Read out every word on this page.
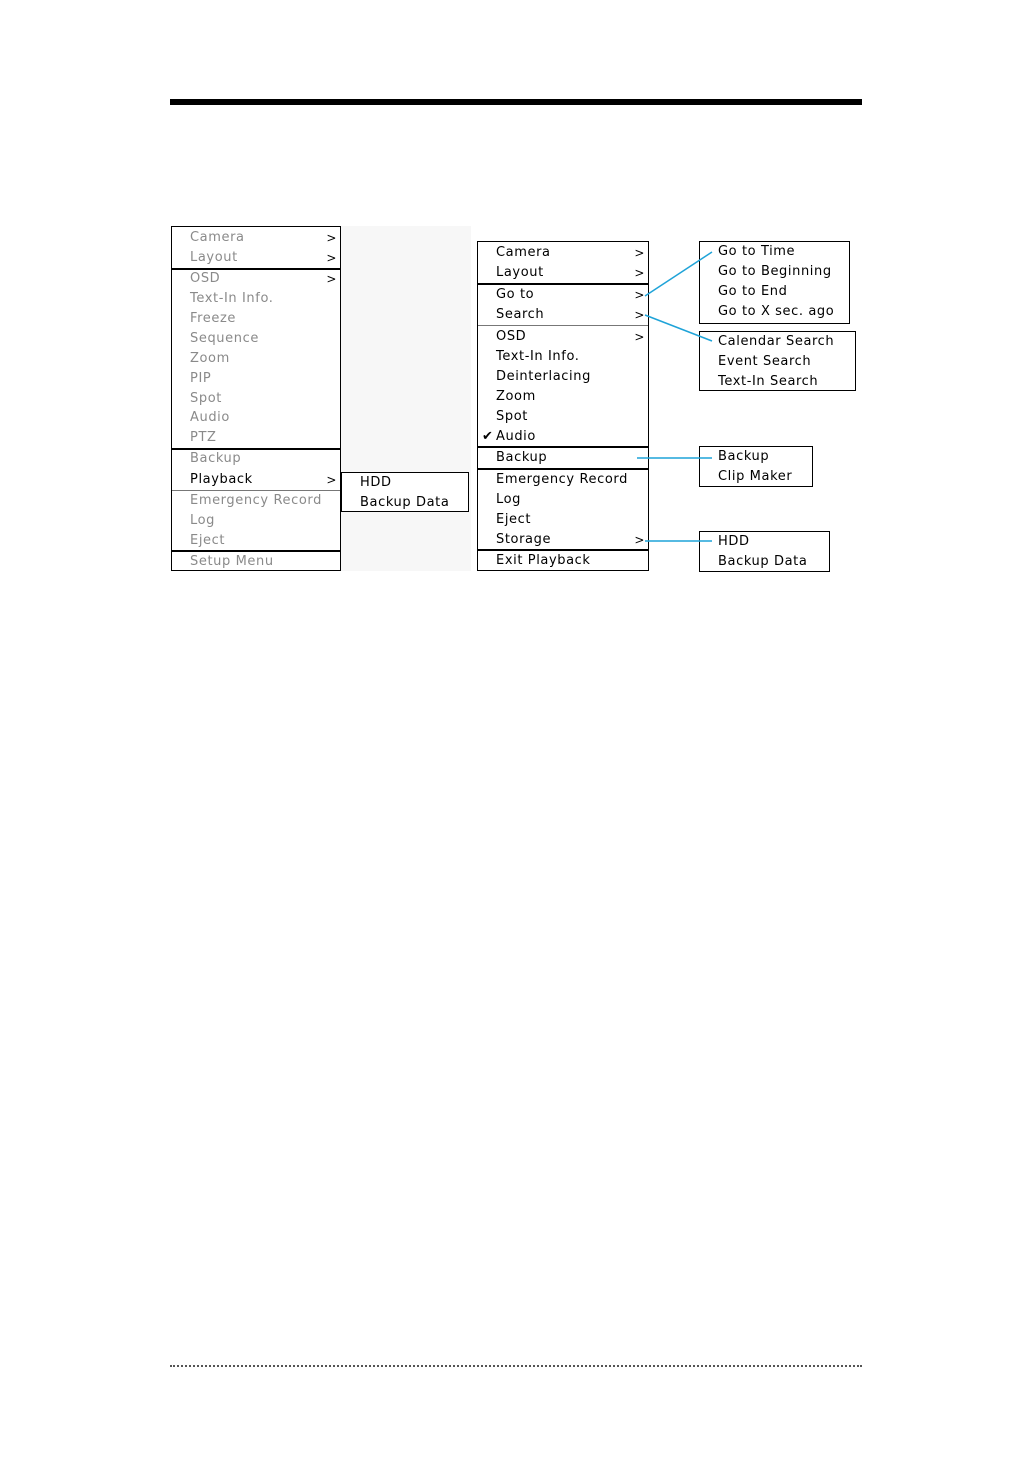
Camera	>
Layout	>
OSD	>
Text-In Info.
Freeze
Sequence
Zoom
PIP
Spot
Audio
PTZ
Backup
Playback	>
Emergency Record
Log
Eject
Setup Menu
HDD
Backup Data
Camera	>
Layout	>
Go to	>
Search	>
OSD	>
Text-In Info.
Deinterlacing
Zoom
Spot
✔ Audio
Backup
Emergency Record
Log
Eject
Storage	>
Exit Playback
Go to Time
Go to Beginning
Go to End
Go to X sec. ago
Calendar Search
Event Search
Text-In Search
Backup
Clip Maker
HDD
Backup Data
